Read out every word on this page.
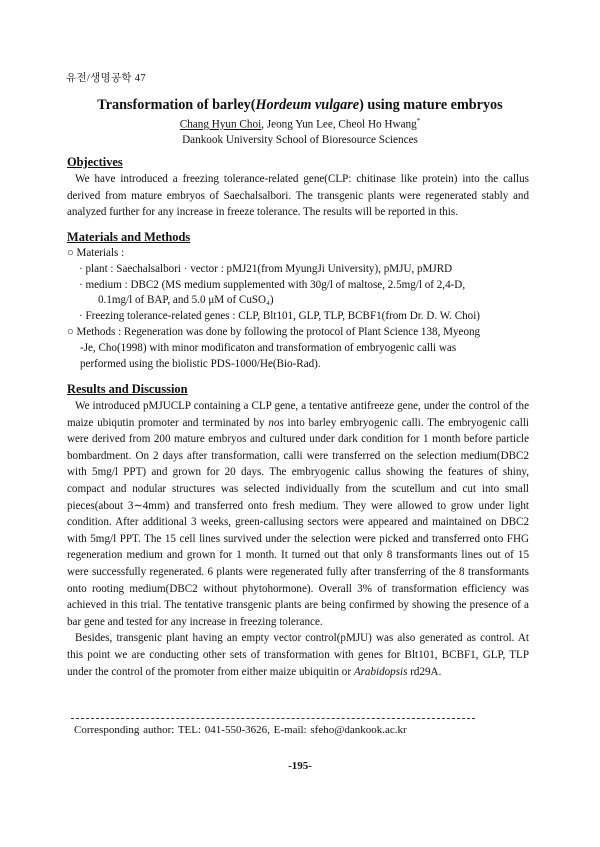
유전/생명공학 47
Transformation of barley(Hordeum vulgare) using mature embryos
Chang Hyun Choi, Jeong Yun Lee, Cheol Ho Hwang*
Dankook University School of Bioresource Sciences
Objectives

We have introduced a freezing tolerance-related gene(CLP: chitinase like protein) into the callus derived from mature embryos of Saechalsalbori. The transgenic plants were regenerated stably and analyzed further for any increase in freeze tolerance. The results will be reported in this.

Materials and Methods
○ Materials :
· plant : Saechalsalbori · vector : pMJ21(from MyungJi University), pMJU, pMJRD
· medium : DBC2 (MS medium supplemented with 30g/l of maltose, 2.5mg/l of 2,4-D,
0.1mg/l of BAP, and 5.0 μM of CuSO₄)
· Freezing tolerance-related genes : CLP, Blt101, GLP, TLP, BCBF1(from Dr. D. W. Choi)
○ Methods : Regeneration was done by following the protocol of Plant Science 138, Myeong
-Je, Cho(1998) with minor modificaton and transformation of embryogenic calli was
performed using the biolistic PDS-1000/He(Bio-Rad).
Results and Discussion

We introduced pMJUCLP containing a CLP gene, a tentative antifreeze gene, under the control of the maize ubiqutin promoter and terminated by nos into barley embryogenic calli. The embryogenic calli were derived from 200 mature embryos and cultured under dark condition for 1 month before particle bombardment. On 2 days after transformation, calli were transferred on the selection medium(DBC2 with 5mg/l PPT) and grown for 20 days. The embryogenic callus showing the features of shiny, compact and nodular structures was selected individually from the scutellum and cut into small pieces(about 3∼4mm) and transferred onto fresh medium. They were allowed to grow under light condition. After additional 3 weeks, green-callusing sectors were appeared and maintained on DBC2 with 5mg/l PPT. The 15 cell lines survived under the selection were picked and transferred onto FHG regeneration medium and grown for 1 month. It turned out that only 8 transformants lines out of 15 were successfully regenerated. 6 plants were regenerated fully after transferring of the 8 transformants onto rooting medium(DBC2 without phytohormone). Overall 3% of transformation efficiency was achieved in this trial. The tentative transgenic plants are being confirmed by showing the presence of a bar gene and tested for any increase in freezing tolerance.

Besides, transgenic plant having an empty vector control(pMJU) was also generated as control. At this point we are conducting other sets of transformation with genes for Blt101, BCBF1, GLP, TLP under the control of the promoter from either maize ubiquitin or Arabidopsis rd29A.

Corresponding author: TEL: 041-550-3626, E-mail: sfeho@dankook.ac.kr
-195-
